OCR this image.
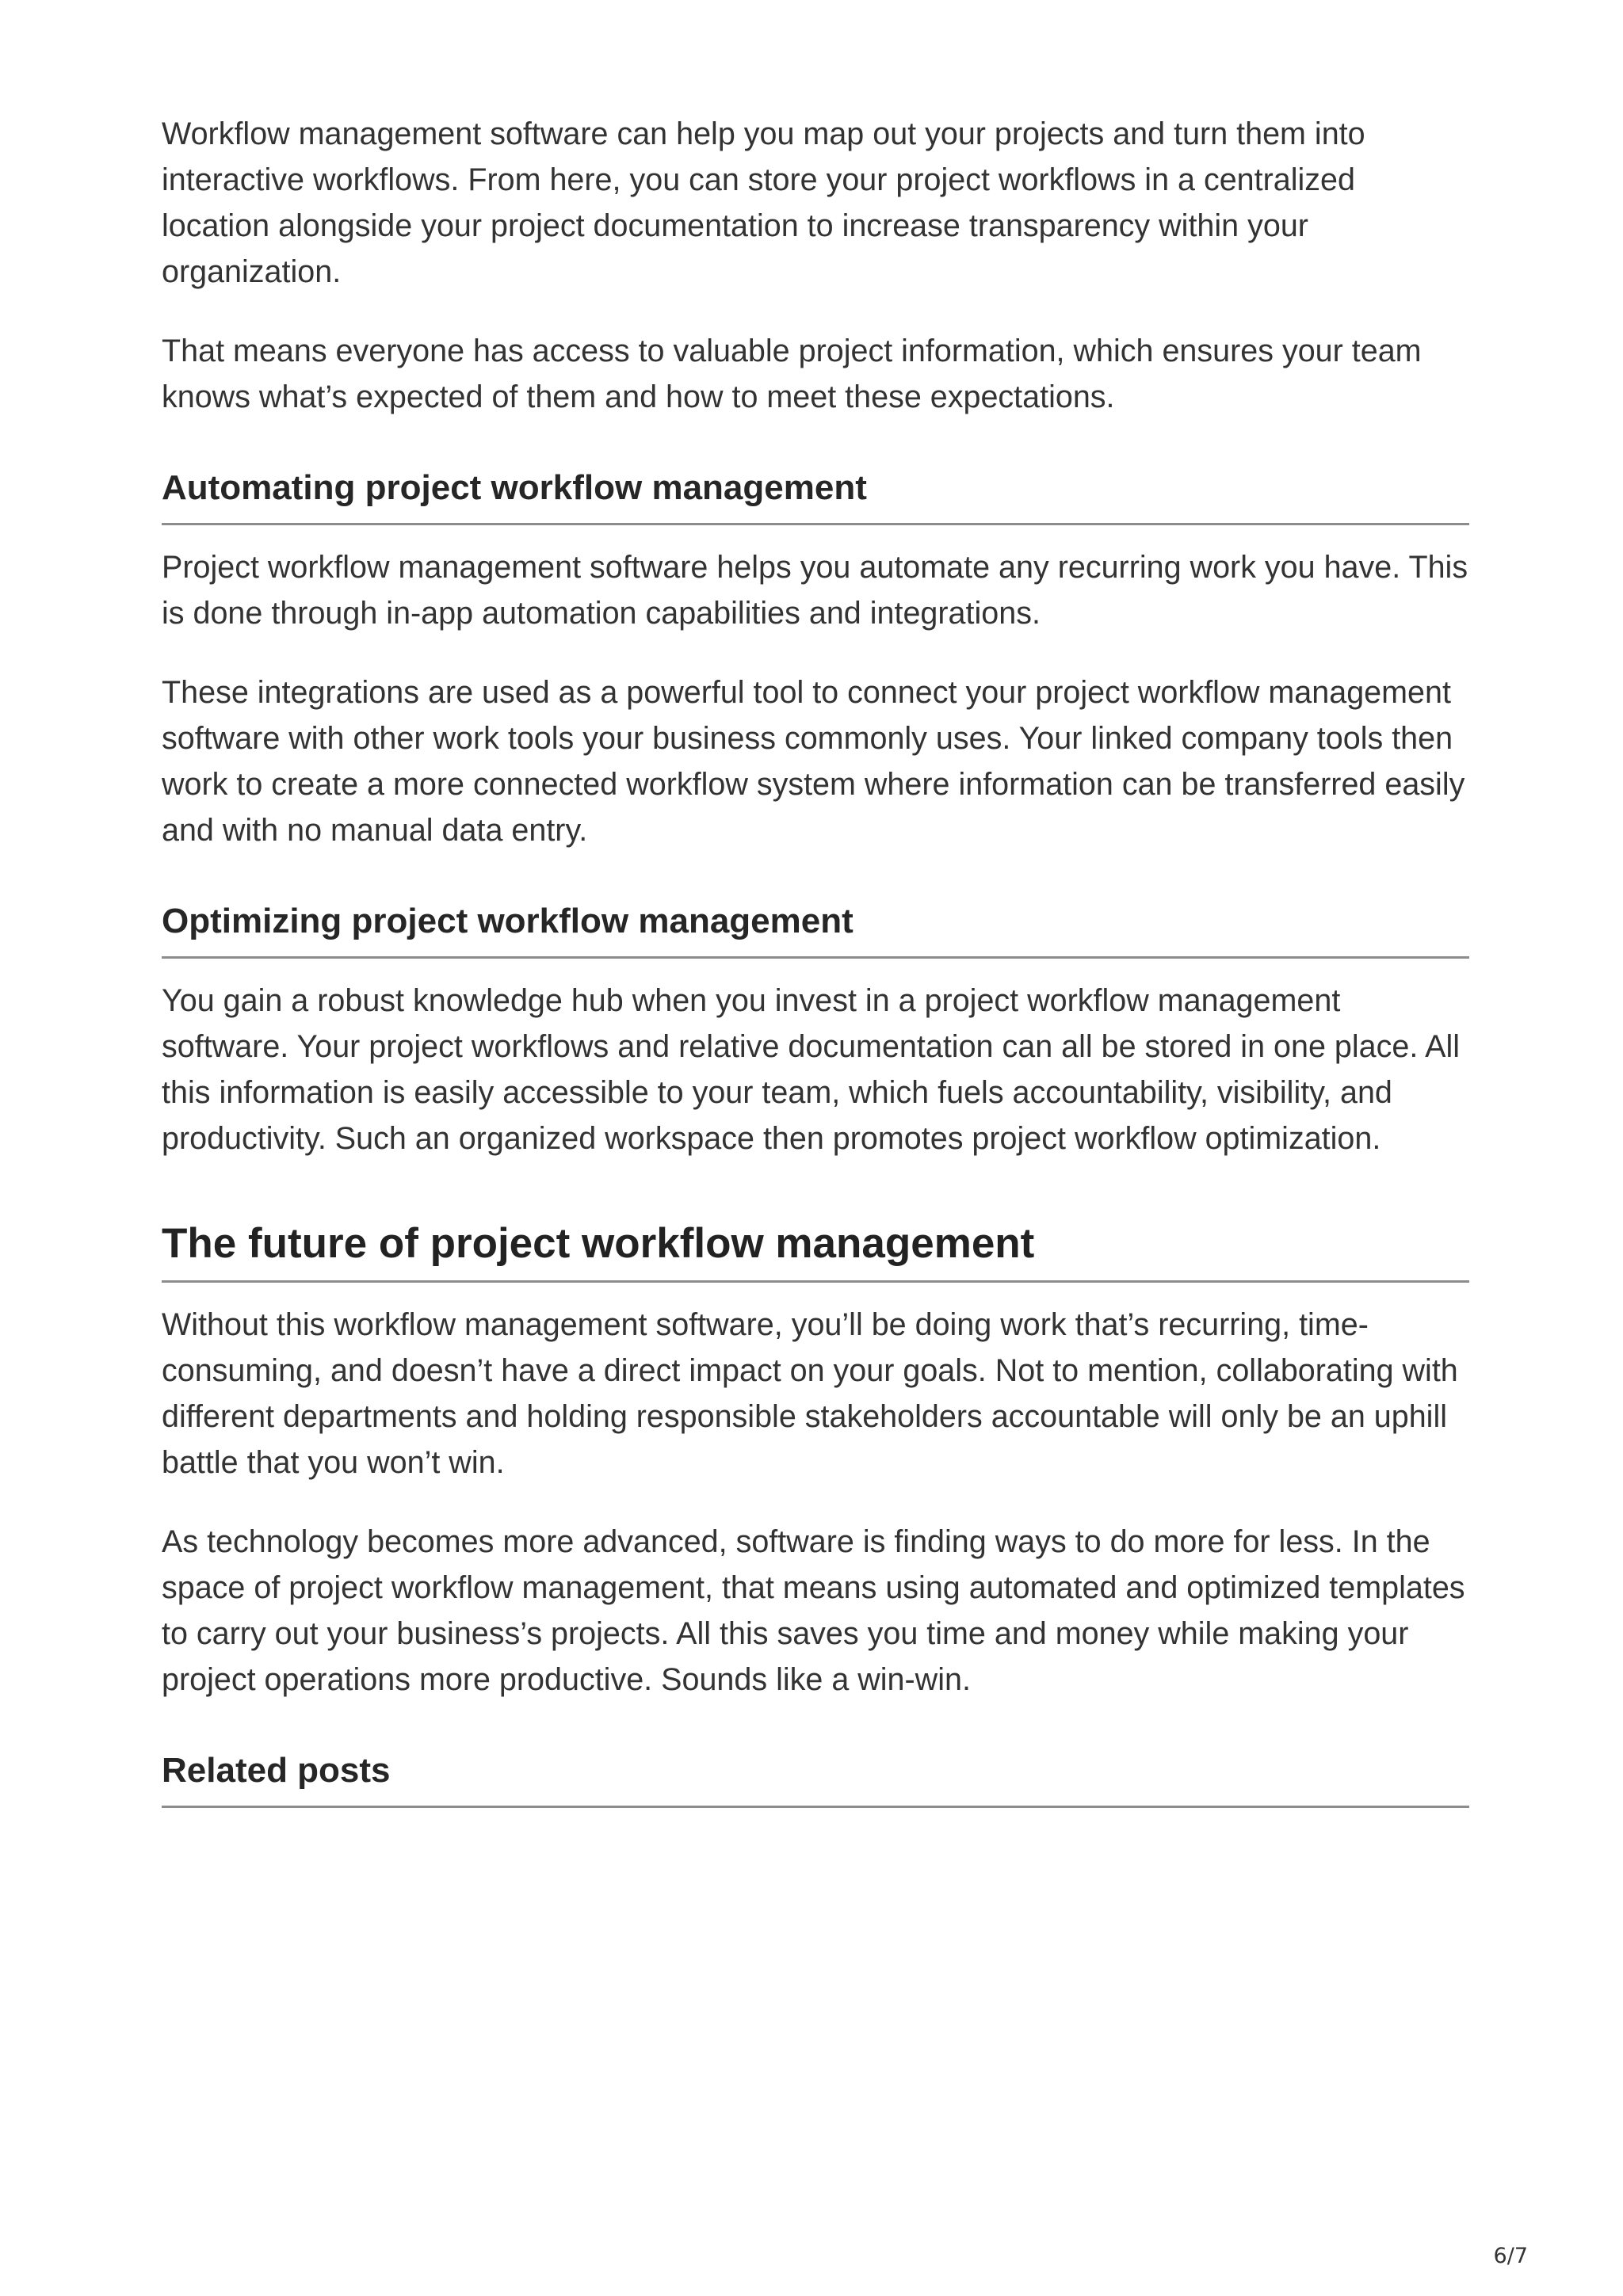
Workflow management software can help you map out your projects and turn them into interactive workflows. From here, you can store your project workflows in a centralized location alongside your project documentation to increase transparency within your organization.

That means everyone has access to valuable project information, which ensures your team knows what’s expected of them and how to meet these expectations.

Automating project workflow management

Project workflow management software helps you automate any recurring work you have. This is done through in-app automation capabilities and integrations.

These integrations are used as a powerful tool to connect your project workflow management software with other work tools your business commonly uses. Your linked company tools then work to create a more connected workflow system where information can be transferred easily and with no manual data entry.

Optimizing project workflow management

You gain a robust knowledge hub when you invest in a project workflow management software. Your project workflows and relative documentation can all be stored in one place. All this information is easily accessible to your team, which fuels accountability, visibility, and productivity. Such an organized workspace then promotes project workflow optimization.

The future of project workflow management

Without this workflow management software, you’ll be doing work that’s recurring, time-consuming, and doesn’t have a direct impact on your goals. Not to mention, collaborating with different departments and holding responsible stakeholders accountable will only be an uphill battle that you won’t win.

As technology becomes more advanced, software is finding ways to do more for less. In the space of project workflow management, that means using automated and optimized templates to carry out your business’s projects. All this saves you time and money while making your project operations more productive. Sounds like a win-win.

Related posts
6/7
